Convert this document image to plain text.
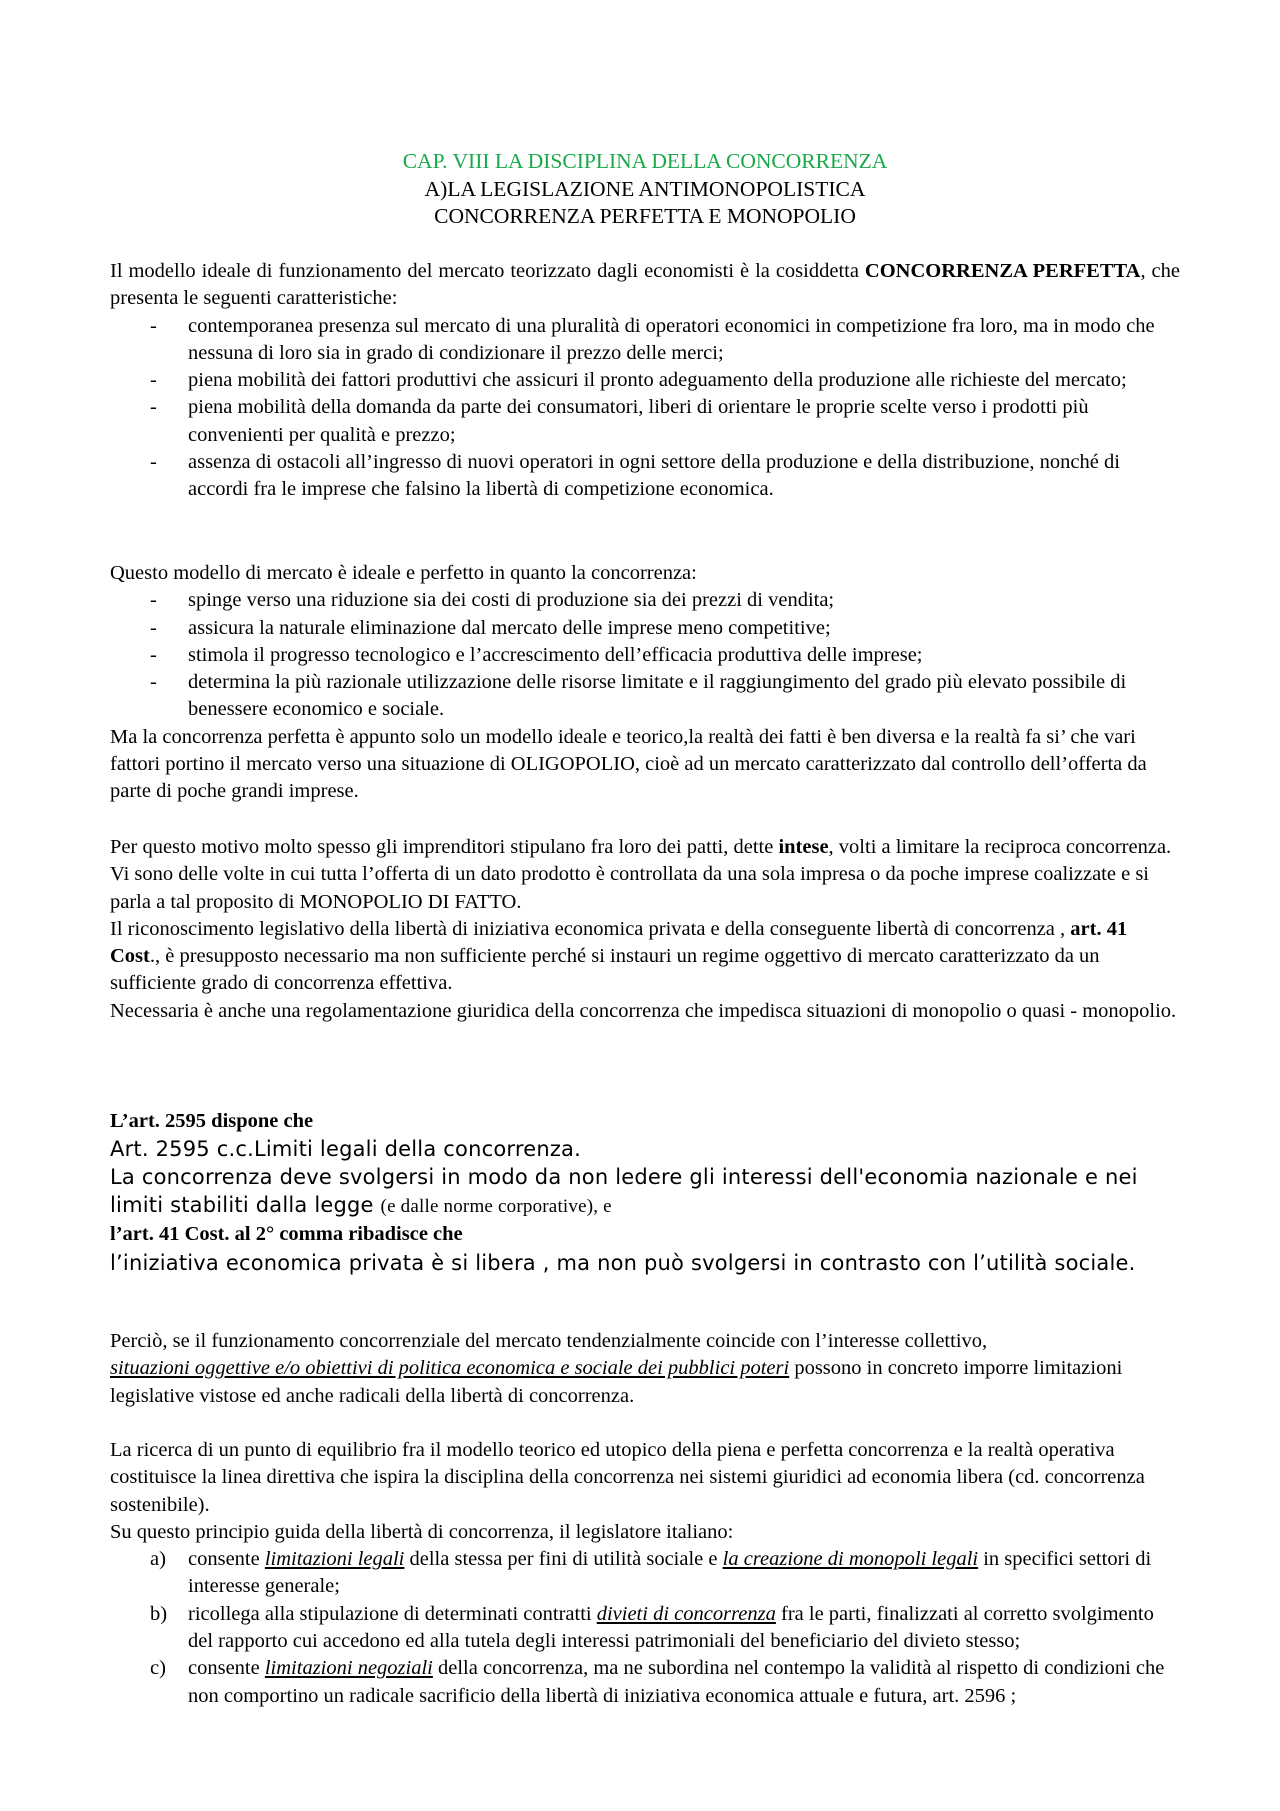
CAP. VIII LA DISCIPLINA DELLA CONCORRENZA
A)LA LEGISLAZIONE ANTIMONOPOLISTICA
CONCORRENZA PERFETTA E MONOPOLIO

Il modello ideale di funzionamento del mercato teorizzato dagli economisti è la cosiddetta CONCORRENZA PERFETTA, che presenta le seguenti caratteristiche:

- contemporanea presenza sul mercato di una pluralità di operatori economici in competizione fra loro, ma in modo che nessuna di loro sia in grado di condizionare il prezzo delle merci;
- piena mobilità dei fattori produttivi che assicuri il pronto adeguamento della produzione alle richieste del mercato;
- piena mobilità della domanda da parte dei consumatori, liberi di orientare le proprie scelte verso i prodotti più convenienti per qualità e prezzo;
- assenza di ostacoli all’ingresso di nuovi operatori in ogni settore della produzione e della distribuzione, nonché di accordi fra le imprese che falsino la libertà di competizione economica.

Questo modello di mercato è ideale e perfetto in quanto la concorrenza:

- spinge verso una riduzione sia dei costi di produzione sia dei prezzi di vendita;
- assicura la naturale eliminazione dal mercato delle imprese meno competitive;
- stimola il progresso tecnologico e l’accrescimento dell’efficacia produttiva delle imprese;
- determina la più razionale utilizzazione delle risorse limitate e il raggiungimento del grado più elevato possibile di benessere economico e sociale.

Ma la concorrenza perfetta è appunto solo un modello ideale e teorico,la realtà dei fatti è ben diversa e la realtà fa si’ che vari fattori portino il mercato verso una situazione di OLIGOPOLIO, cioè ad un mercato caratterizzato dal controllo dell’offerta da parte di poche grandi imprese.

Per questo motivo molto spesso gli imprenditori stipulano fra loro dei patti, dette intese, volti a limitare la reciproca concorrenza.

Vi sono delle volte in cui tutta l’offerta di un dato prodotto è controllata da una sola impresa o da poche imprese coalizzate e si parla a tal proposito di MONOPOLIO DI FATTO.

Il riconoscimento legislativo della libertà di iniziativa economica privata e della conseguente libertà di concorrenza , art. 41 Cost., è presupposto necessario ma non sufficiente perché si instauri un regime oggettivo di mercato caratterizzato da un sufficiente grado di concorrenza effettiva.

Necessaria è anche una regolamentazione giuridica della concorrenza che impedisca situazioni di monopolio o quasi - monopolio.

L’art. 2595 dispone che

Art. 2595 c.c.Limiti legali della concorrenza.

La concorrenza deve svolgersi in modo da non ledere gli interessi dell'economia nazionale e nei limiti stabiliti dalla legge (e dalle norme corporative), e

l’art. 41 Cost. al 2° comma ribadisce che

l’iniziativa economica privata è si libera , ma non può svolgersi in contrasto con l’utilità sociale.

Perciò, se il funzionamento concorrenziale del mercato tendenzialmente coincide con l’interesse collettivo,
situazioni oggettive e/o obiettivi di politica economica e sociale dei pubblici poteri possono in concreto imporre limitazioni legislative vistose ed anche radicali della libertà di concorrenza.

La ricerca di un punto di equilibrio fra il modello teorico ed utopico della piena e perfetta concorrenza e la realtà operativa costituisce la linea direttiva che ispira la disciplina della concorrenza nei sistemi giuridici ad economia libera (cd. concorrenza sostenibile).

Su questo principio guida della libertà di concorrenza, il legislatore italiano:

a) consente limitazioni legali della stessa per fini di utilità sociale e la creazione di monopoli legali in specifici settori di interesse generale;
b) ricollega alla stipulazione di determinati contratti divieti di concorrenza fra le parti, finalizzati al corretto svolgimento del rapporto cui accedono ed alla tutela degli interessi patrimoniali del beneficiario del divieto stesso;
c) consente limitazioni negoziali della concorrenza, ma ne subordina nel contempo la validità al rispetto di condizioni che non comportino un radicale sacrificio della libertà di iniziativa economica attuale e futura, art. 2596 ;
